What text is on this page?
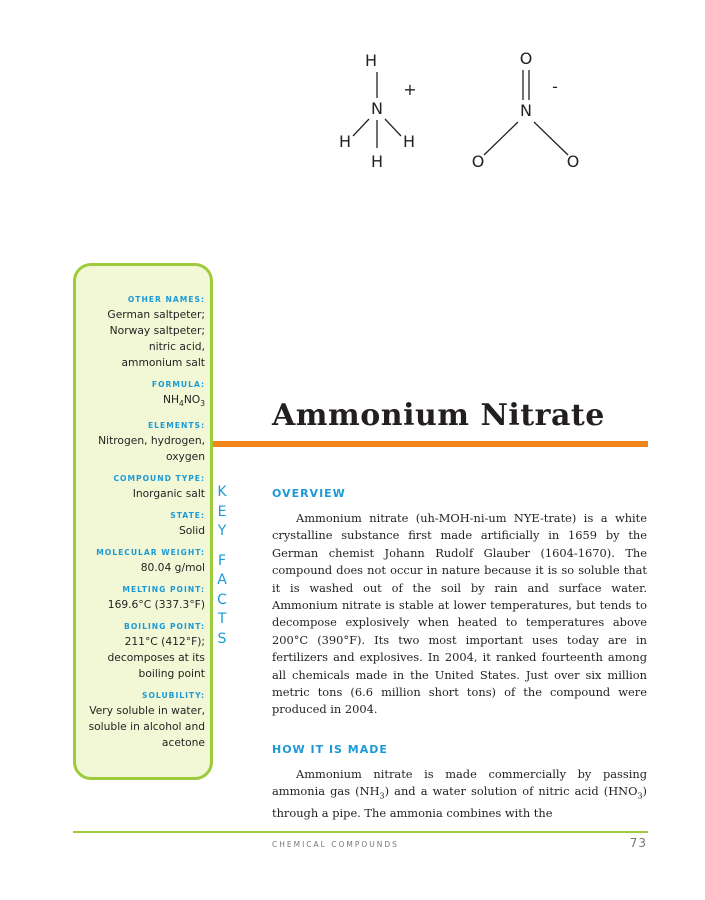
H
N
H	H
H
+
O
N
O	O
-
OTHER NAMES:
German saltpeter;
Norway saltpeter;
nitric acid,
ammonium salt
FORMULA:
$NH_4NO_3$
ELEMENTS:
Nitrogen, hydrogen,
oxygen
COMPOUND TYPE:
Inorganic salt
STATE:
Solid
MOLECULAR WEIGHT:
80.04 g/mol
MELTING POINT:
169.6°C (337.3°F)
BOILING POINT:
211°C (412°F);
decomposes at its
boiling point
SOLUBILITY:
Very soluble in water,
soluble in alcohol and
acetone
K
E
Y
F
A
C
T
S
Ammonium Nitrate
OVERVIEW

Ammonium nitrate (uh-MOH-ni-um NYE-trate) is a white crystalline substance first made artificially in 1659 by the German chemist Johann Rudolf Glauber (1604-1670). The compound does not occur in nature because it is so soluble that it is washed out of the soil by rain and surface water. Ammonium nitrate is stable at lower temperatures, but tends to decompose explosively when heated to temperatures above 200°C (390°F). Its two most important uses today are in fertilizers and explosives. In 2004, it ranked fourteenth among all chemicals made in the United States. Just over six million metric tons (6.6 million short tons) of the compound were produced in 2004.

HOW IT IS MADE

Ammonium nitrate is made commercially by passing ammonia gas $(NH_3)$ and a water solution of nitric acid $(HNO_3)$ through a pipe. The ammonia combines with the

CHEMICAL COMPOUNDS	73
